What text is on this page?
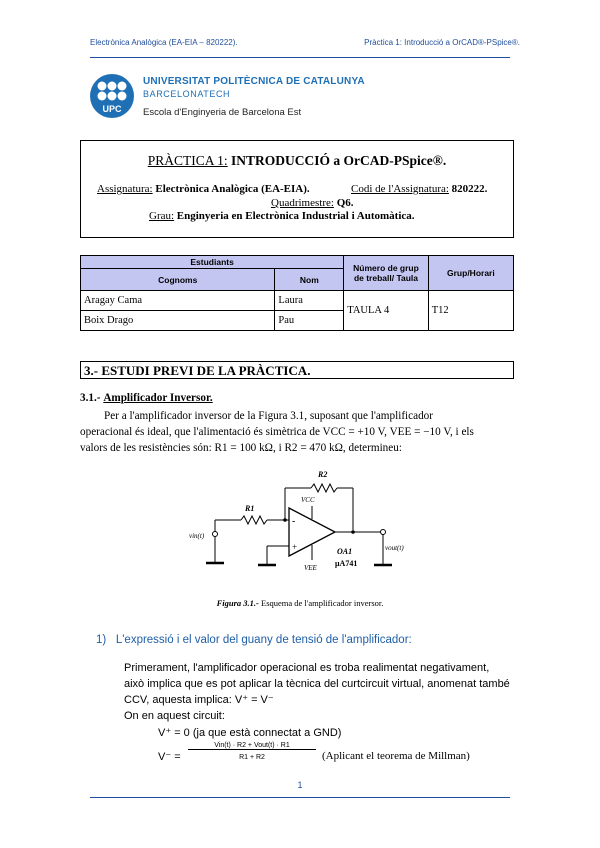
Electrònica Analògica (EA-EIA – 820222).	Pràctica 1: Introducció a OrCAD®-PSpice®.
UPC
UNIVERSITAT POLITÈCNICA DE CATALUNYA
BARCELONATECH
Escola d'Enginyeria de Barcelona Est
PRÀCTICA 1: INTRODUCCIÓ a OrCAD-PSpice®.
Assignatura: Electrònica Analògica (EA-EIA).	Codi de l'Assignatura: 820222.
Quadrimestre: Q6.
Grau: Enginyeria en Electrònica Industrial i Automàtica.
Estudiants		Número de grup de treball/ Taula	Grup/Horari
Cognoms	Nom		
Aragay Cama	Laura	TAULA 4	T12
Boix Drago	Pau		
3.- ESTUDI PREVI DE LA PRÀCTICA.
3.1.- Amplificador Inversor.
Per a l'amplificador inversor de la Figura 3.1, suposant que l'amplificador
operacional és ideal, que l'alimentació és simètrica de VCC = +10 V, VEE = −10 V, i els
valors de les resistències són: R1 = 100 kΩ, i R2 = 470 kΩ, determineu:
R1
R2
VCC
VEE
-
+
vin(t)
vout(t)
OA1
μA741
Figura 3.1.- Esquema de l'amplificador inversor.
1) L'expressió i el valor del guany de tensió de l'amplificador:
Primerament, l'amplificador operacional es troba realimentat negativament,
això implica que es pot aplicar la tècnica del curtcircuit virtual, anomenat també
CCV, aquesta implica: V⁺ = V⁻
On en aquest circuit:
V⁺ = 0 (ja que està connectat a GND)
V⁻ =
Vin(t) · R2 + Vout(t) · R1
R1 + R2	(Aplicant el teorema de Millman)
1
